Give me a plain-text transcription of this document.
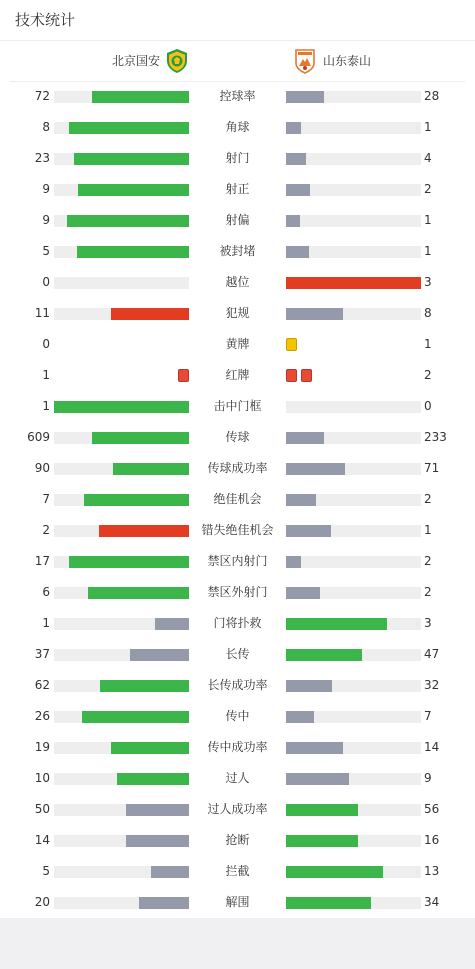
技术统计
北京国安	山东泰山
72	控球率	28
8	角球	1
23	射门	4
9	射正	2
9	射偏	1
5	被封堵	1
0	越位	3
11	犯规	8
0	黄牌	1
1	红牌	2
1	击中门框	0
609	传球	233
90	传球成功率	71
7	绝佳机会	2
2	错失绝佳机会	1
17	禁区内射门	2
6	禁区外射门	2
1	门将扑救	3
37	长传	47
62	长传成功率	32
26	传中	7
19	传中成功率	14
10	过人	9
50	过人成功率	56
14	抢断	16
5	拦截	13
20	解围	34
